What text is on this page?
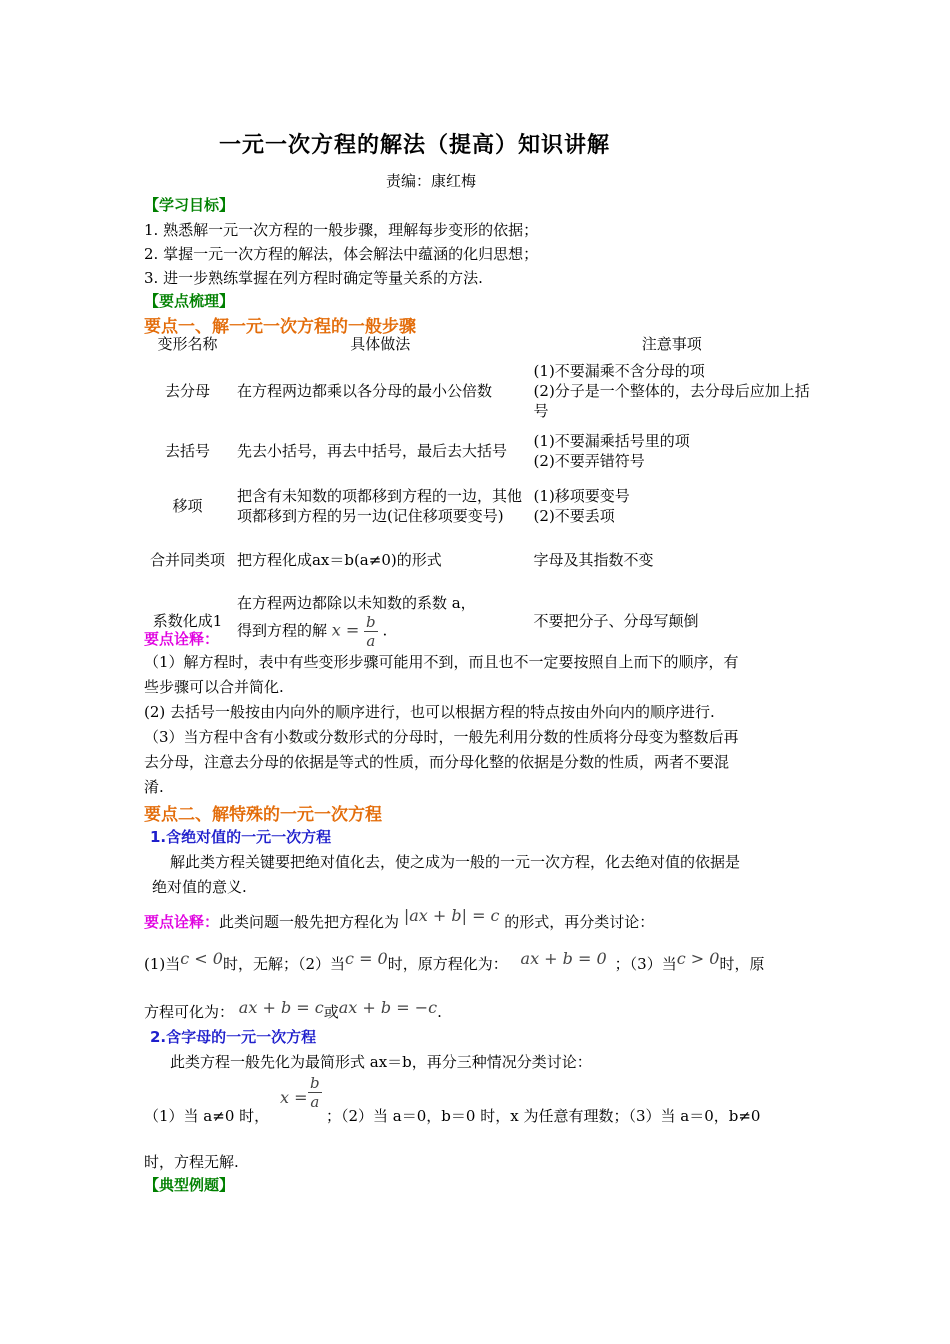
一元一次方程的解法（提高）知识讲解
责编：康红梅
【学习目标】
1. 熟悉解一元一次方程的一般步骤，理解每步变形的依据；
2. 掌握一元一次方程的解法，体会解法中蕴涵的化归思想；
3. 进一步熟练掌握在列方程时确定等量关系的方法.
【要点梳理】
要点一、解一元一次方程的一般步骤
变形名称	具体做法	注意事项
去分母	在方程两边都乘以各分母的最小公倍数	(1)不要漏乘不含分母的项
(2)分子是一个整体的，去分母后应加上括号
去括号	先去小括号，再去中括号，最后去大括号	(1)不要漏乘括号里的项
(2)不要弄错符号
移项	把含有未知数的项都移到方程的一边，其他项都移到方程的另一边(记住移项要变号)	(1)移项要变号
(2)不要丢项
合并同类项	把方程化成ax＝b(a≠0)的形式	字母及其指数不变
系数化成1	在方程两边都除以未知数的系数 a，
得到方程的解 $x = \frac{b}{a}$ .	不要把分子、分母写颠倒
要点诠释：
（1）解方程时，表中有些变形步骤可能用不到，而且也不一定要按照自上而下的顺序，有
些步骤可以合并简化.
(2) 去括号一般按由内向外的顺序进行，也可以根据方程的特点按由外向内的顺序进行.
（3）当方程中含有小数或分数形式的分母时，一般先利用分数的性质将分母变为整数后再
去分母，注意去分母的依据是等式的性质，而分母化整的依据是分数的性质，两者不要混
淆.
要点二、解特殊的一元一次方程
1.含绝对值的一元一次方程
解此类方程关键要把绝对值化去，使之成为一般的一元一次方程，化去绝对值的依据是
绝对值的意义.
要点诠释：此类问题一般先把方程化为 |ax + b| = c 的形式，再分类讨论：
(1)当c < 0时，无解；（2）当c = 0时，原方程化为： ax + b = 0 ；（3）当c > 0时，原
方程可化为： ax + b = c或ax + b = −c.
2.含字母的一元一次方程
此类方程一般先化为最简形式 ax＝b，再分三种情况分类讨论：
（1）当 a≠0 时，
$x = \frac{b}{a}$
；（2）当 a＝0，b＝0 时，x 为任意有理数；（3）当 a＝0，b≠0
时，方程无解.
【典型例题】
